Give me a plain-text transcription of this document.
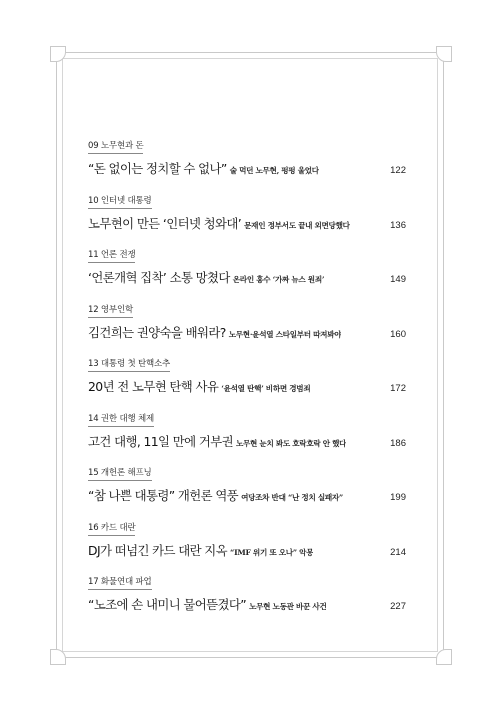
09 노무현과 돈
“돈 없이는 정치할 수 없나” 술 먹던 노무현, 펑펑 울었다	122
10 인터넷 대통령
노무현이 만든 ‘인터넷 청와대’ 문재인 정부서도 끝내 외면당했다	136
11 언론 전쟁
‘언론개혁 집착’ 소통 망쳤다 온라인 홍수 ‘가짜 뉴스 원죄’	149
12 영부인학
김건희는 권양숙을 배워라? 노무현·윤석열 스타일부터 따져봐야	160
13 대통령 첫 탄핵소추
20년 전 노무현 탄핵 사유 ‘윤석열 탄핵’ 비하면 경범죄	172
14 권한 대행 체제
고건 대행, 11일 만에 거부권 노무현 눈치 봐도 호락호락 안 했다	186
15 개헌론 해프닝
“참 나쁜 대통령” 개헌론 역풍 여당조차 반대 “난 정치 실패자”	199
16 카드 대란
DJ가 떠넘긴 카드 대란 지옥 “IMF 위기 또 오나” 악몽	214
17 화물연대 파업
“노조에 손 내미니 물어뜯겼다” 노무현 노동관 바꾼 사건	227
